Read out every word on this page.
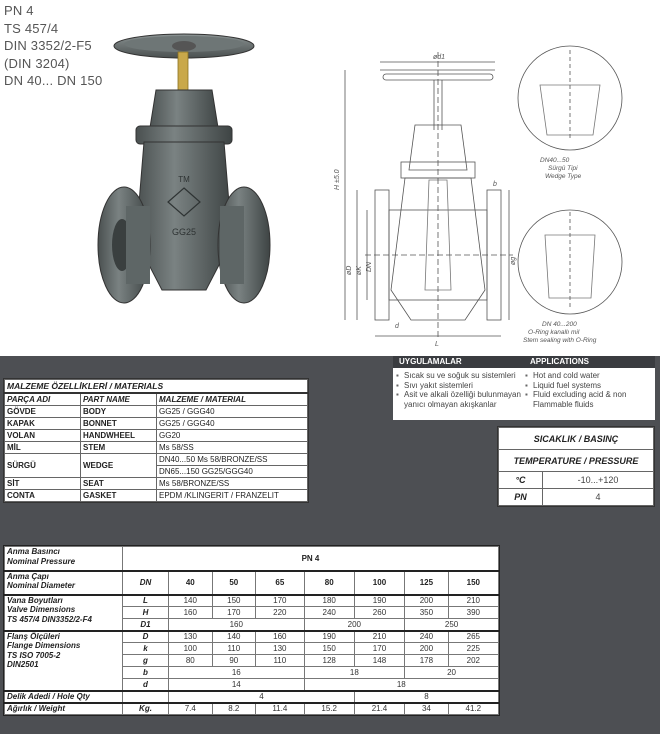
PN 4
TS 457/4
DIN 3352/2-F5
(DIN 3204)
DN 40... DN 150
TM
GG25
ød1
H ±5.0
øD øK DN
øg
b
d
L
DN40...50
Sürgü Tipi
Wedge Type
DN 40...200
O-Ring kanallı mil
Stem sealing with O-Ring
MALZEME ÖZELLİKLERİ / MATERIALS		
PARÇA ADI	PART NAME	MALZEME / MATERIAL
GÖVDE	BODY	GG25 / GGG40
KAPAK	BONNET	GG25 / GGG40
VOLAN	HANDWHEEL	GG20
MİL	STEM	Ms 58/SS
SÜRGÜ	WEDGE	DN40...50 Ms 58/BRONZE/SS
		DN65...150 GG25/GGG40
SİT	SEAT	Ms 58/BRONZE/SS
CONTA	GASKET	EPDM /KLINGERIT / FRANZELIT
UYGULAMALAR	APPLICATIONS
▪ Sıcak su ve soğuk su sistemleri
▪ Sıvı yakıt sistemleri
▪ Asit ve alkali özelliği bulunmayan yanıcı olmayan akışkanlar
▪ Hot and cold water
▪ Liquid fuel systems
▪ Fluid excluding acid & non Flammable fluids
SICAKLIK / BASINÇ	
TEMPERATURE / PRESSURE	
°C	-10...+120
PN	4
Anma Basıncı
Nominal Pressure	PN 4							
Anma Çapı
Nominal Diameter	DN	40	50	65	80	100	125	150
Vana Boyutları
Valve Dimensions
TS 457/4 DIN3352/2-F4	L	140	150	170	180	190	200	210
	H	160	170	220	240	260	350	390
	D1	160			200		250	
Flanş Ölçüleri
Flange Dimensions
TS ISO 7005-2
DIN2501	D	130	140	160	190	210	240	265
	k	100	110	130	150	170	200	225
	g	80	90	110	128	148	178	202
	b	16			18		20	
	d	14			18			
Delik Adedi / Hole Qty		4				8		
Ağırlık / Weight	Kg.	7.4	8.2	11.4	15.2	21.4	34	41.2
